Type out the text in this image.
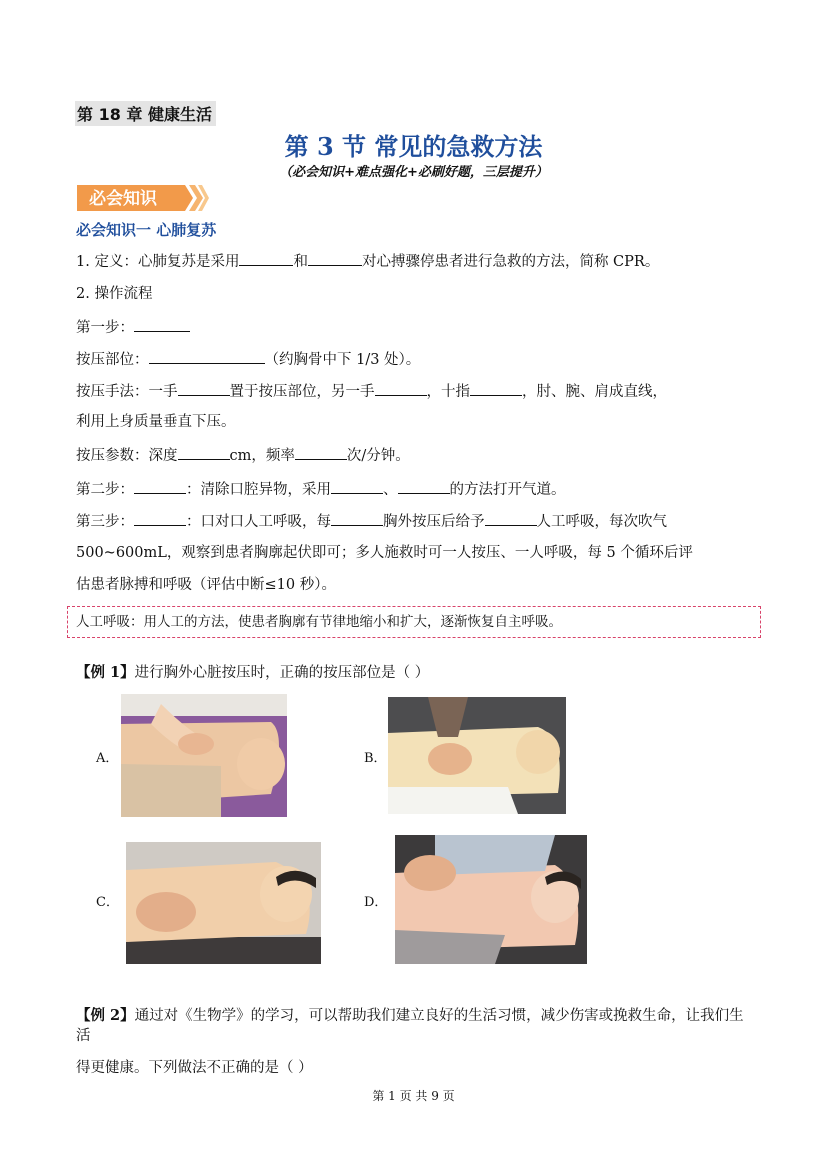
第 18 章 健康生活
第 3 节 常见的急救方法
（必会知识+难点强化+必刷好题，三层提升）
必会知识
必会知识一 心肺复苏
1. 定义：心肺复苏是采用	和	对心搏骤停患者进行急救的方法，简称 CPR。
2. 操作流程
第一步：
按压部位：	（约胸骨中下 1/3 处）。
按压手法：一手	置于按压部位，另一手	，十指	，肘、腕、肩成直线，
利用上身质量垂直下压。
按压参数：深度	cm，频率	次/分钟。
第二步：	：清除口腔异物，采用	、	的方法打开气道。
第三步：	：口对口人工呼吸，每	胸外按压后给予	人工呼吸，每次吹气
500~600mL，观察到患者胸廓起伏即可；多人施救时可一人按压、一人呼吸，每 5 个循环后评
估患者脉搏和呼吸（评估中断≤10 秒）。
人工呼吸：用人工的方法，使患者胸廓有节律地缩小和扩大，逐渐恢复自主呼吸。
【例 1】进行胸外心脏按压时，正确的按压部位是（ ）
A．	B．
C．	D．
【例 2】通过对《生物学》的学习，可以帮助我们建立良好的生活习惯，减少伤害或挽救生命，让我们生活
得更健康。下列做法不正确的是（ ）
第 1 页 共 9 页
